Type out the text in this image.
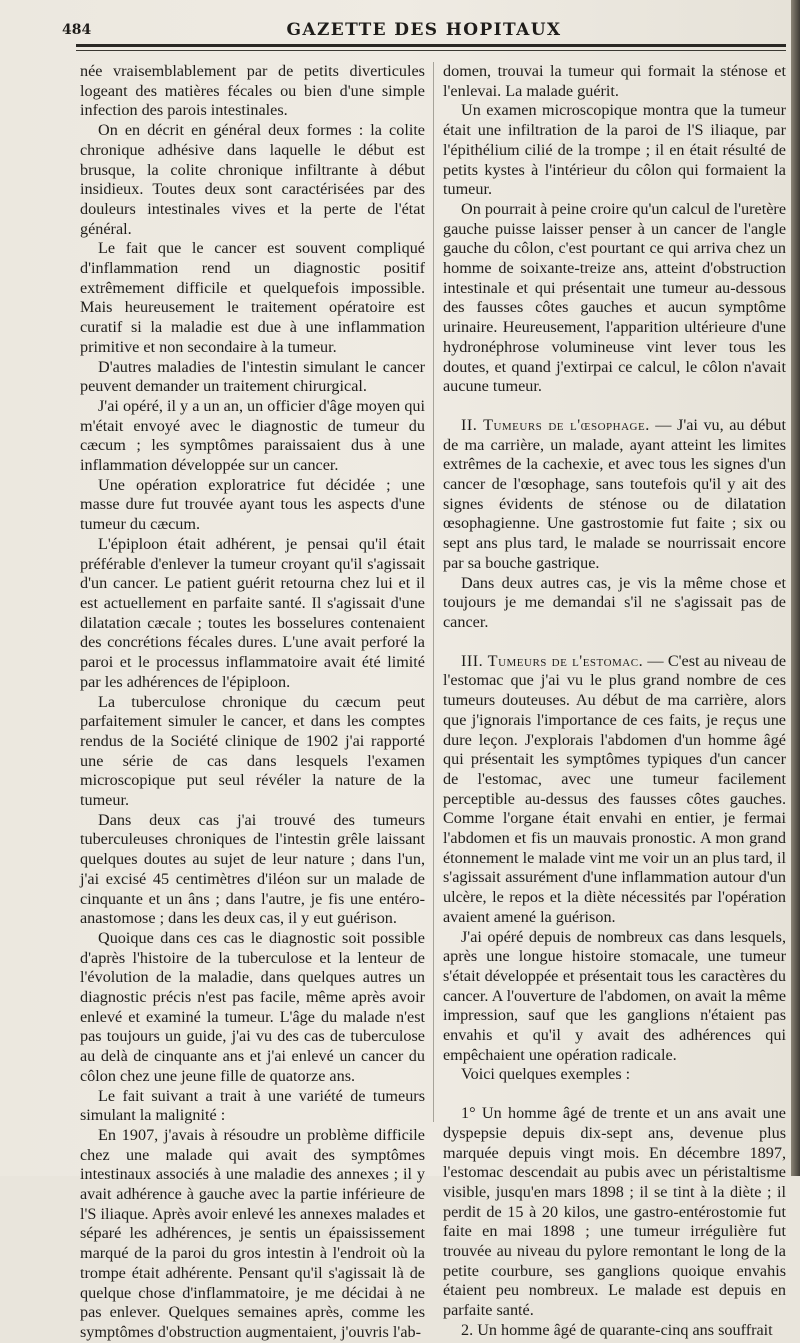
484	GAZETTE DES HOPITAUX

née vraisemblablement par de petits diverticules logeant des matières fécales ou bien d'une simple infection des parois intestinales.

On en décrit en général deux formes : la colite chronique adhésive dans laquelle le début est brusque, la colite chronique infiltrante à début insidieux. Toutes deux sont caractérisées par des douleurs intestinales vives et la perte de l'état général.

Le fait que le cancer est souvent compliqué d'inflammation rend un diagnostic positif extrêmement difficile et quelquefois impossible. Mais heureusement le traitement opératoire est curatif si la maladie est due à une inflammation primitive et non secondaire à la tumeur.

D'autres maladies de l'intestin simulant le cancer peuvent demander un traitement chirurgical.

J'ai opéré, il y a un an, un officier d'âge moyen qui m'était envoyé avec le diagnostic de tumeur du cæcum ; les symptômes paraissaient dus à une inflammation développée sur un cancer.

Une opération exploratrice fut décidée ; une masse dure fut trouvée ayant tous les aspects d'une tumeur du cæcum.

L'épiploon était adhérent, je pensai qu'il était préférable d'enlever la tumeur croyant qu'il s'agissait d'un cancer. Le patient guérit retourna chez lui et il est actuellement en parfaite santé. Il s'agissait d'une dilatation cæcale ; toutes les bosselures contenaient des concrétions fécales dures. L'une avait perforé la paroi et le processus inflammatoire avait été limité par les adhérences de l'épiploon.

La tuberculose chronique du cæcum peut parfaitement simuler le cancer, et dans les comptes rendus de la Société clinique de 1902 j'ai rapporté une série de cas dans lesquels l'examen microscopique put seul révéler la nature de la tumeur.

Dans deux cas j'ai trouvé des tumeurs tuberculeuses chroniques de l'intestin grêle laissant quelques doutes au sujet de leur nature ; dans l'un, j'ai excisé 45 centimètres d'iléon sur un malade de cinquante et un âns ; dans l'autre, je fis une entéro-anastomose ; dans les deux cas, il y eut guérison.

Quoique dans ces cas le diagnostic soit possible d'après l'histoire de la tuberculose et la lenteur de l'évolution de la maladie, dans quelques autres un diagnostic précis n'est pas facile, même après avoir enlevé et examiné la tumeur. L'âge du malade n'est pas toujours un guide, j'ai vu des cas de tuberculose au delà de cinquante ans et j'ai enlevé un cancer du côlon chez une jeune fille de quatorze ans.

Le fait suivant a trait à une variété de tumeurs simulant la malignité :

En 1907, j'avais à résoudre un problème difficile chez une malade qui avait des symptômes intestinaux associés à une maladie des annexes ; il y avait adhérence à gauche avec la partie inférieure de l'S iliaque. Après avoir enlevé les annexes malades et séparé les adhérences, je sentis un épaississement marqué de la paroi du gros intestin à l'endroit où la trompe était adhérente. Pensant qu'il s'agissait là de quelque chose d'inflammatoire, je me décidai à ne pas enlever. Quelques semaines après, comme les symptômes d'obstruction augmentaient, j'ouvris l'ab-

domen, trouvai la tumeur qui formait la sténose et l'enlevai. La malade guérit.

Un examen microscopique montra que la tumeur était une infiltration de la paroi de l'S iliaque, par l'épithélium cilié de la trompe ; il en était résulté de petits kystes à l'intérieur du côlon qui formaient la tumeur.

On pourrait à peine croire qu'un calcul de l'uretère gauche puisse laisser penser à un cancer de l'angle gauche du côlon, c'est pourtant ce qui arriva chez un homme de soixante-treize ans, atteint d'obstruction intestinale et qui présentait une tumeur au-dessous des fausses côtes gauches et aucun symptôme urinaire. Heureusement, l'apparition ultérieure d'une hydronéphrose volumineuse vint lever tous les doutes, et quand j'extirpai ce calcul, le côlon n'avait aucune tumeur.

II. Tumeurs de l'œsophage. — J'ai vu, au début de ma carrière, un malade, ayant atteint les limites extrêmes de la cachexie, et avec tous les signes d'un cancer de l'œsophage, sans toutefois qu'il y ait des signes évidents de sténose ou de dilatation œsophagienne. Une gastrostomie fut faite ; six ou sept ans plus tard, le malade se nourrissait encore par sa bouche gastrique.

Dans deux autres cas, je vis la même chose et toujours je me demandai s'il ne s'agissait pas de cancer.

III. Tumeurs de l'estomac. — C'est au niveau de l'estomac que j'ai vu le plus grand nombre de ces tumeurs douteuses. Au début de ma carrière, alors que j'ignorais l'importance de ces faits, je reçus une dure leçon. J'explorais l'abdomen d'un homme âgé qui présentait les symptômes typiques d'un cancer de l'estomac, avec une tumeur facilement perceptible au-dessus des fausses côtes gauches. Comme l'organe était envahi en entier, je fermai l'abdomen et fis un mauvais pronostic. A mon grand étonnement le malade vint me voir un an plus tard, il s'agissait assurément d'une inflammation autour d'un ulcère, le repos et la diète nécessités par l'opération avaient amené la guérison.

J'ai opéré depuis de nombreux cas dans lesquels, après une longue histoire stomacale, une tumeur s'était développée et présentait tous les caractères du cancer. A l'ouverture de l'abdomen, on avait la même impression, sauf que les ganglions n'étaient pas envahis et qu'il y avait des adhérences qui empêchaient une opération radicale.

Voici quelques exemples :

1° Un homme âgé de trente et un ans avait une dyspepsie depuis dix-sept ans, devenue plus marquée depuis vingt mois. En décembre 1897, l'estomac descendait au pubis avec un péristaltisme visible, jusqu'en mars 1898 ; il se tint à la diète ; il perdit de 15 à 20 kilos, une gastro-entérostomie fut faite en mai 1898 ; une tumeur irrégulière fut trouvée au niveau du pylore remontant le long de la petite courbure, ses ganglions quoique envahis étaient peu nombreux. Le malade est depuis en parfaite santé.

2. Un homme âgé de quarante-cinq ans souffrait
